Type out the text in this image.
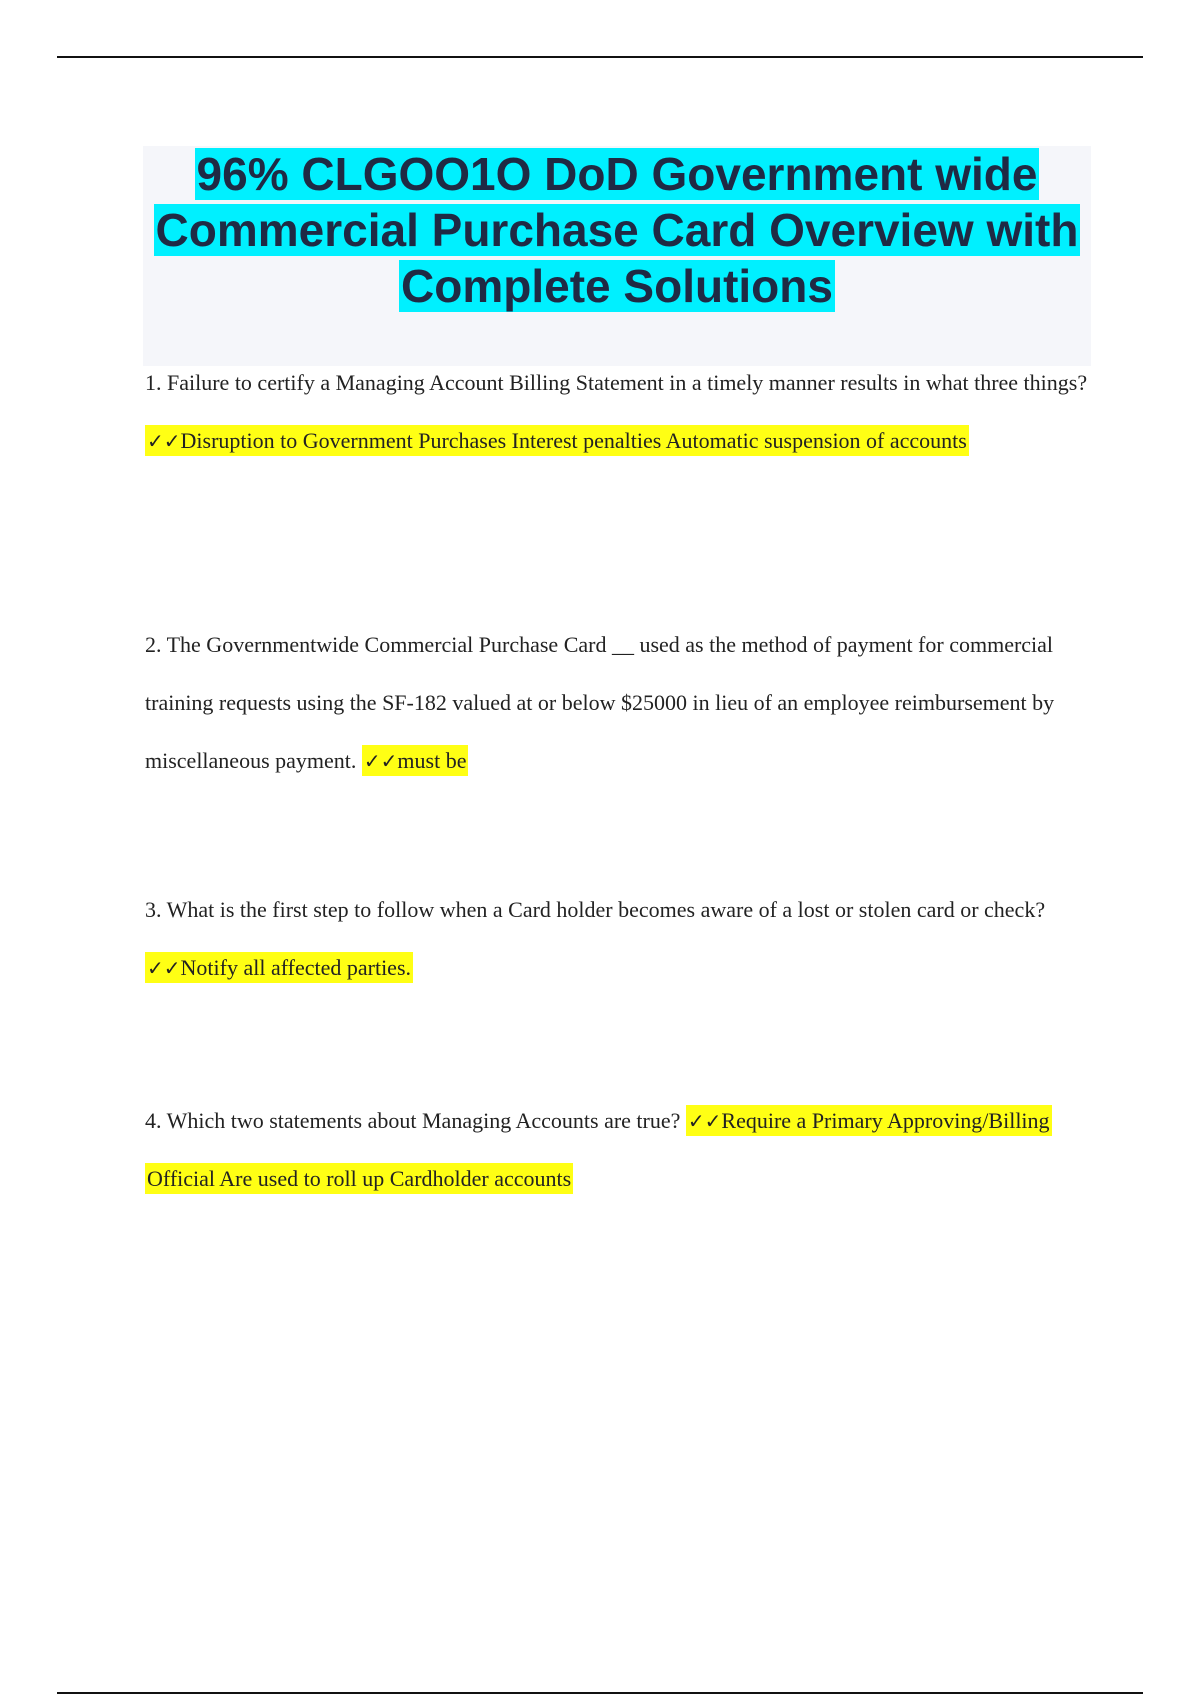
96% CLGOO1O DoD Government wide Commercial Purchase Card Overview with Complete Solutions
1. Failure to certify a Managing Account Billing Statement in a timely manner results in what three things? ✓✓Disruption to Government Purchases Interest penalties Automatic suspension of accounts
2. The Governmentwide Commercial Purchase Card __ used as the method of payment for commercial training requests using the SF-182 valued at or below $25000 in lieu of an employee reimbursement by miscellaneous payment. ✓✓must be
3. What is the first step to follow when a Card holder becomes aware of a lost or stolen card or check? ✓✓Notify all affected parties.
4. Which two statements about Managing Accounts are true? ✓✓Require a Primary Approving/Billing Official Are used to roll up Cardholder accounts
